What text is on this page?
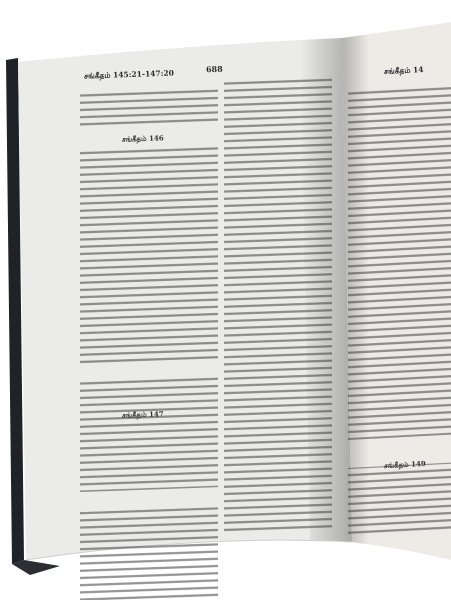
சங்கீதம் 145:21-147:20	688
சங்கீதம் 146
சங்கீதம் 147
சங்கீதம் 14
சங்கீதம் 149
